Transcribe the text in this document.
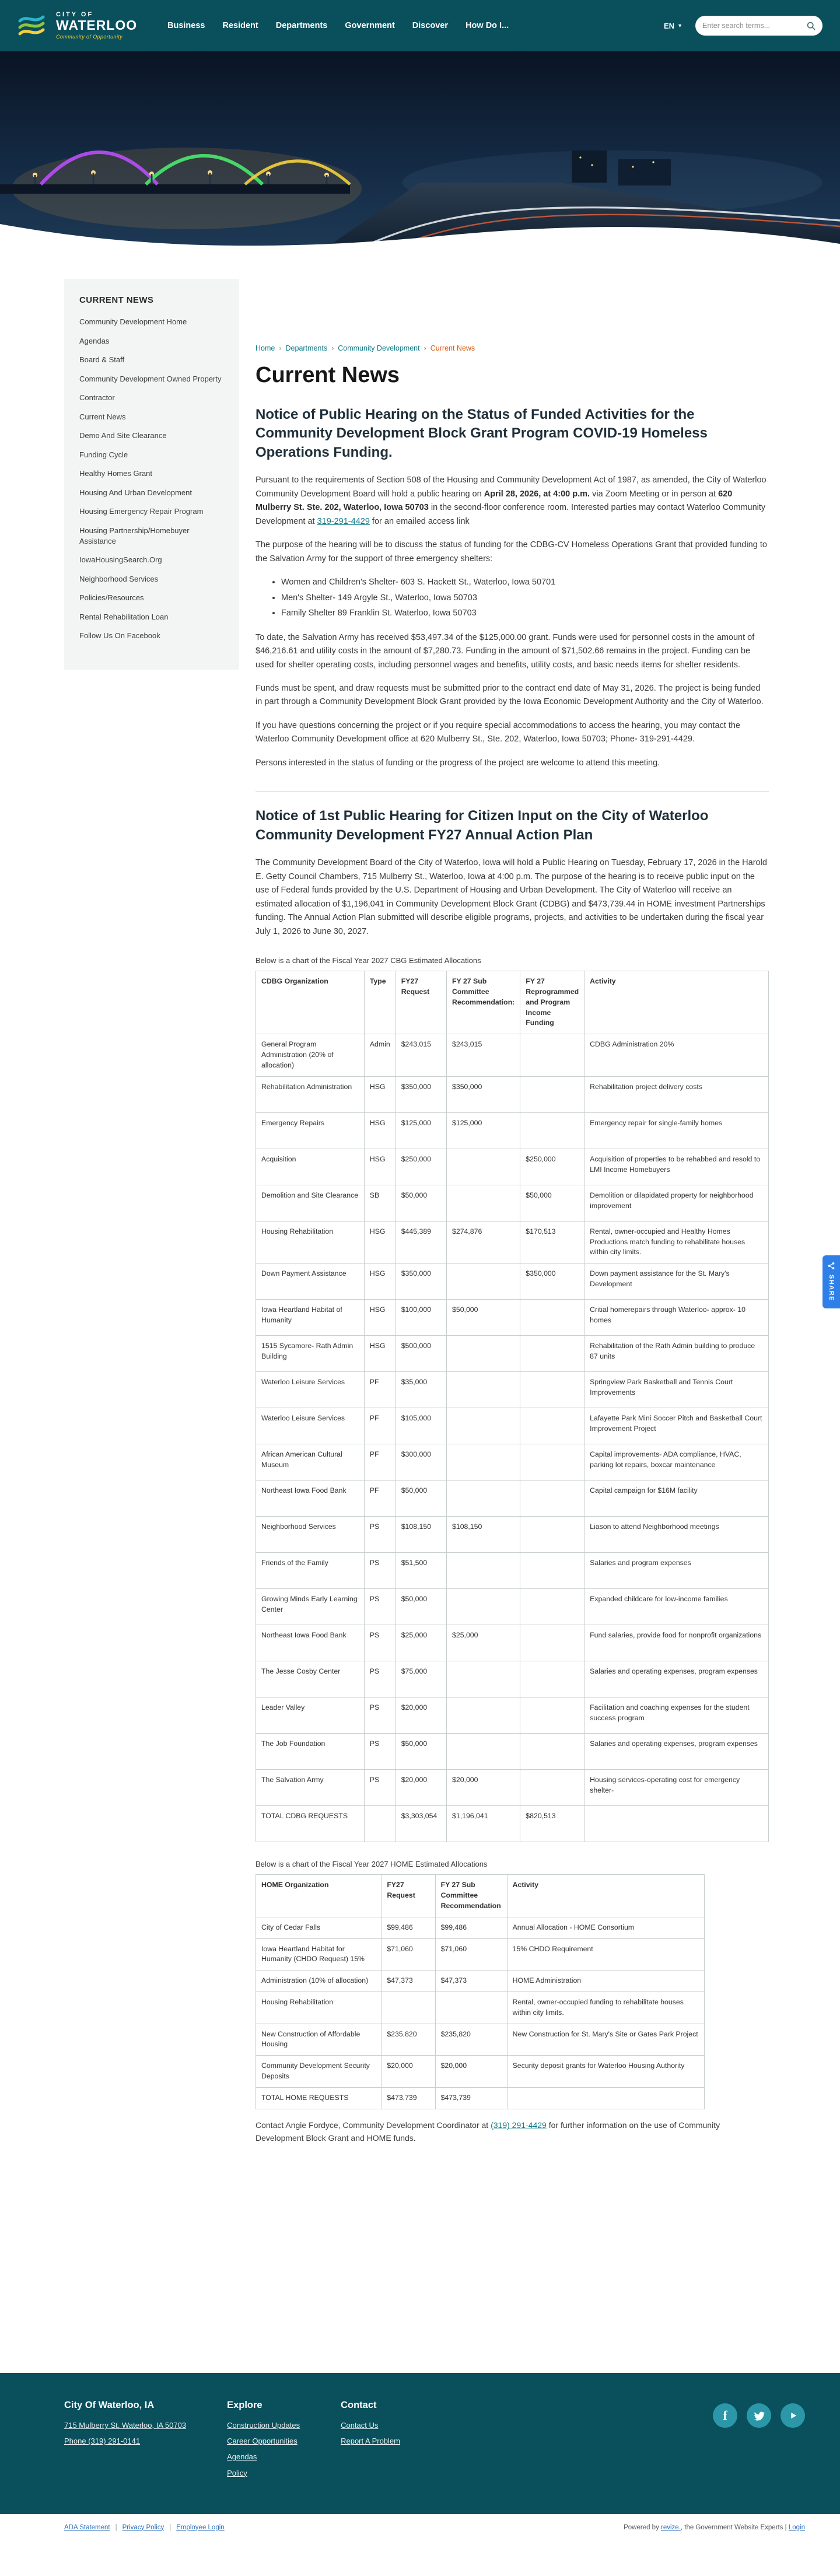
CITY OF
WATERLOO
Community of Opportunity
Business Resident Departments Government Discover How Do I...	EN ▼
Enter search terms...
CURRENT NEWS
Community Development Home
Agendas
Board & Staff
Community Development Owned Property
Contractor
Current News
Demo And Site Clearance
Funding Cycle
Healthy Homes Grant
Housing And Urban Development
Housing Emergency Repair Program
Housing Partnership/Homebuyer Assistance
IowaHousingSearch.Org
Neighborhood Services
Policies/Resources
Rental Rehabilitation Loan
Follow Us On Facebook
Home › Departments › Community Development › Current News
Current News
Notice of Public Hearing on the Status of Funded Activities for the Community Development Block Grant Program COVID-19 Homeless Operations Funding.

Pursuant to the requirements of Section 508 of the Housing and Community Development Act of 1987, as amended, the City of Waterloo Community Development Board will hold a public hearing on April 28, 2026, at 4:00 p.m. via Zoom Meeting or in person at 620 Mulberry St. Ste. 202, Waterloo, Iowa 50703 in the second-floor conference room. Interested parties may contact Waterloo Community Development at 319-291-4429 for an emailed access link

The purpose of the hearing will be to discuss the status of funding for the CDBG-CV Homeless Operations Grant that provided funding to the Salvation Army for the support of three emergency shelters:

• Women and Children's Shelter- 603 S. Hackett St., Waterloo, Iowa 50701
• Men's Shelter- 149 Argyle St., Waterloo, Iowa 50703
• Family Shelter 89 Franklin St. Waterloo, Iowa 50703

To date, the Salvation Army has received $53,497.34 of the $125,000.00 grant. Funds were used for personnel costs in the amount of $46,216.61 and utility costs in the amount of $7,280.73. Funding in the amount of $71,502.66 remains in the project. Funding can be used for shelter operating costs, including personnel wages and benefits, utility costs, and basic needs items for shelter residents.

Funds must be spent, and draw requests must be submitted prior to the contract end date of May 31, 2026. The project is being funded in part through a Community Development Block Grant provided by the Iowa Economic Development Authority and the City of Waterloo.

If you have questions concerning the project or if you require special accommodations to access the hearing, you may contact the Waterloo Community Development office at 620 Mulberry St., Ste. 202, Waterloo, Iowa 50703; Phone- 319-291-4429.

Persons interested in the status of funding or the progress of the project are welcome to attend this meeting.

Notice of 1st Public Hearing for Citizen Input on the City of Waterloo Community Development FY27 Annual Action Plan

The Community Development Board of the City of Waterloo, Iowa will hold a Public Hearing on Tuesday, February 17, 2026 in the Harold E. Getty Council Chambers, 715 Mulberry St., Waterloo, Iowa at 4:00 p.m. The purpose of the hearing is to receive public input on the use of Federal funds provided by the U.S. Department of Housing and Urban Development. The City of Waterloo will receive an estimated allocation of $1,196,041 in Community Development Block Grant (CDBG) and $473,739.44 in HOME investment Partnerships funding. The Annual Action Plan submitted will describe eligible programs, projects, and activities to be undertaken during the fiscal year July 1, 2026 to June 30, 2027.

Below is a chart of the Fiscal Year 2027 CBG Estimated Allocations

CDBG Organization	Type	FY27 Request	FY 27 Sub Committee Recommendation:	FY 27 Reprogrammed and Program Income Funding	Activity
General Program Administration (20% of allocation)	Admin	$243,015	$243,015		CDBG Administration 20%
Rehabilitation Administration	HSG	$350,000	$350,000		Rehabilitation project delivery costs
Emergency Repairs	HSG	$125,000	$125,000		Emergency repair for single-family homes
Acquisition	HSG	$250,000		$250,000	Acquisition of properties to be rehabbed and resold to LMI Income Homebuyers
Demolition and Site Clearance	SB	$50,000		$50,000	Demolition or dilapidated property for neighborhood improvement
Housing Rehabilitation	HSG	$445,389	$274,876	$170,513	Rental, owner-occupied and Healthy Homes Productions match funding to rehabilitate houses within city limits.
Down Payment Assistance	HSG	$350,000		$350,000	Down payment assistance for the St. Mary's Development
Iowa Heartland Habitat of Humanity	HSG	$100,000	$50,000		Critial homerepairs through Waterloo- approx- 10 homes
1515 Sycamore- Rath Admin Building	HSG	$500,000			Rehabilitation of the Rath Admin building to produce 87 units
Waterloo Leisure Services	PF	$35,000			Springview Park Basketball and Tennis Court Improvements
Waterloo Leisure Services	PF	$105,000			Lafayette Park Mini Soccer Pitch and Basketball Court Improvement Project
African American Cultural Museum	PF	$300,000			Capital improvements- ADA compliance, HVAC, parking lot repairs, boxcar maintenance
Northeast Iowa Food Bank	PF	$50,000			Capital campaign for $16M facility
Neighborhood Services	PS	$108,150	$108,150		Liason to attend Neighborhood meetings
Friends of the Family	PS	$51,500			Salaries and program expenses
Growing Minds Early Learning Center	PS	$50,000			Expanded childcare for low-income families
Northeast Iowa Food Bank	PS	$25,000	$25,000		Fund salaries, provide food for nonprofit organizations
The Jesse Cosby Center	PS	$75,000			Salaries and operating expenses, program expenses
Leader Valley	PS	$20,000			Facilitation and coaching expenses for the student success program
The Job Foundation	PS	$50,000			Salaries and operating expenses, program expenses
The Salvation Army	PS	$20,000	$20,000		Housing services-operating cost for emergency shelter-
TOTAL CDBG REQUESTS		$3,303,054	$1,196,041	$820,513	

Below is a chart of the Fiscal Year 2027 HOME Estimated Allocations

HOME Organization	FY27 Request	FY 27 Sub Committee Recommendation	Activity
City of Cedar Falls	$99,486	$99,486	Annual Allocation - HOME Consortium
Iowa Heartland Habitat for Humanity (CHDO Request) 15%	$71,060	$71,060	15% CHDO Requirement
Administration (10% of allocation)	$47,373	$47,373	HOME Administration
Housing Rehabilitation			Rental, owner-occupied funding to rehabilitate houses within city limits.
New Construction of Affordable Housing	$235,820	$235,820	New Construction for St. Mary's Site or Gates Park Project
Community Development Security Deposits	$20,000	$20,000	Security deposit grants for Waterloo Housing Authority
TOTAL HOME REQUESTS	$473,739	$473,739	

Contact Angie Fordyce, Community Development Coordinator at (319) 291-4429 for further information on the use of Community Development Block Grant and HOME funds.

SHARE
City Of Waterloo, IA
715 Mulberry St. Waterloo, IA 50703
Phone (319) 291-0141
Explore
Construction Updates
Career Opportunities
Agendas
Policy
Contact
Contact Us
Report A Problem
f
ADA Statement | Privacy Policy | Employee Login	Powered by revize., the Government Website Experts | Login
